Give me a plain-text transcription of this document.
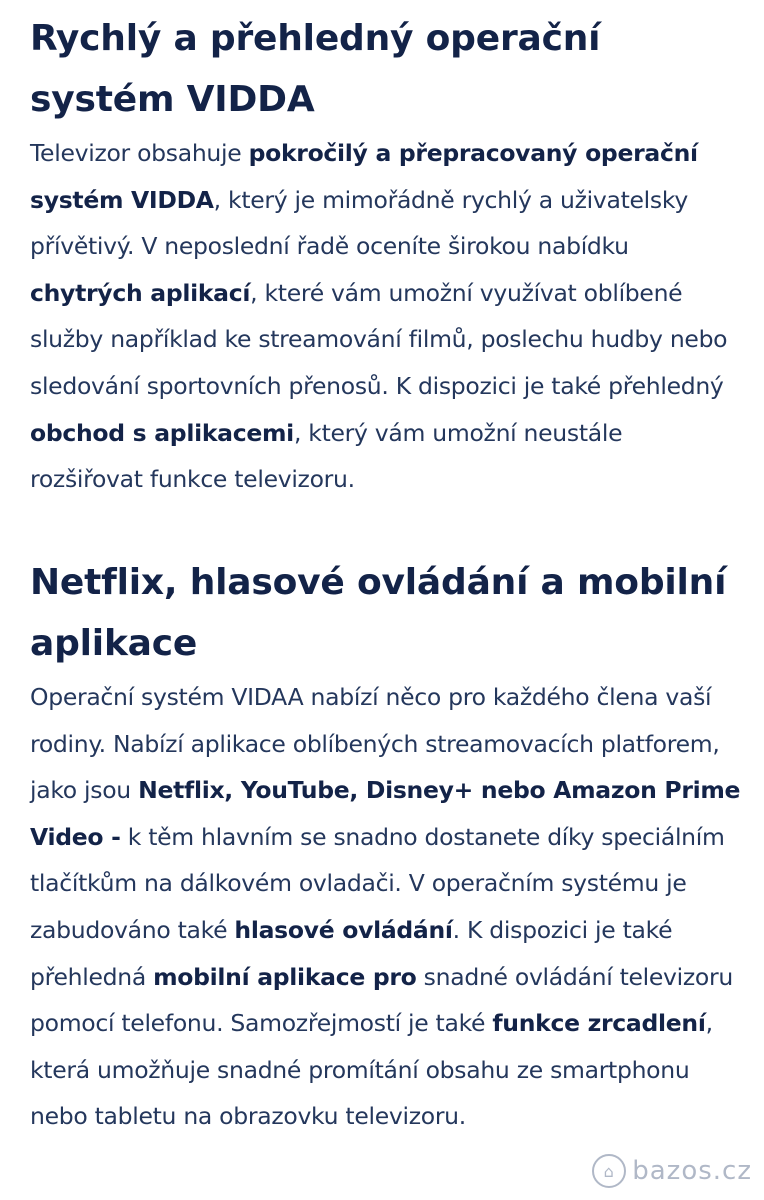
Rychlý a přehledný operační systém VIDDA

Televizor obsahuje pokročilý a přepracovaný operační systém VIDDA, který je mimořádně rychlý a uživatelsky přívětivý. V neposlední řadě oceníte širokou nabídku chytrých aplikací, které vám umožní využívat oblíbené služby například ke streamování filmů, poslechu hudby nebo sledování sportovních přenosů. K dispozici je také přehledný obchod s aplikacemi, který vám umožní neustále rozšiřovat funkce televizoru.

Netflix, hlasové ovládání a mobilní aplikace

Operační systém VIDAA nabízí něco pro každého člena vaší rodiny. Nabízí aplikace oblíbených streamovacích platforem, jako jsou Netflix, YouTube, Disney+ nebo Amazon Prime Video - k těm hlavním se snadno dostanete díky speciálním tlačítkům na dálkovém ovladači. V operačním systému je zabudováno také hlasové ovládání. K dispozici je také přehledná mobilní aplikace pro snadné ovládání televizoru pomocí telefonu. Samozřejmostí je také funkce zrcadlení, která umožňuje snadné promítání obsahu ze smartphonu nebo tabletu na obrazovku televizoru.

⌂ bazos.cz
